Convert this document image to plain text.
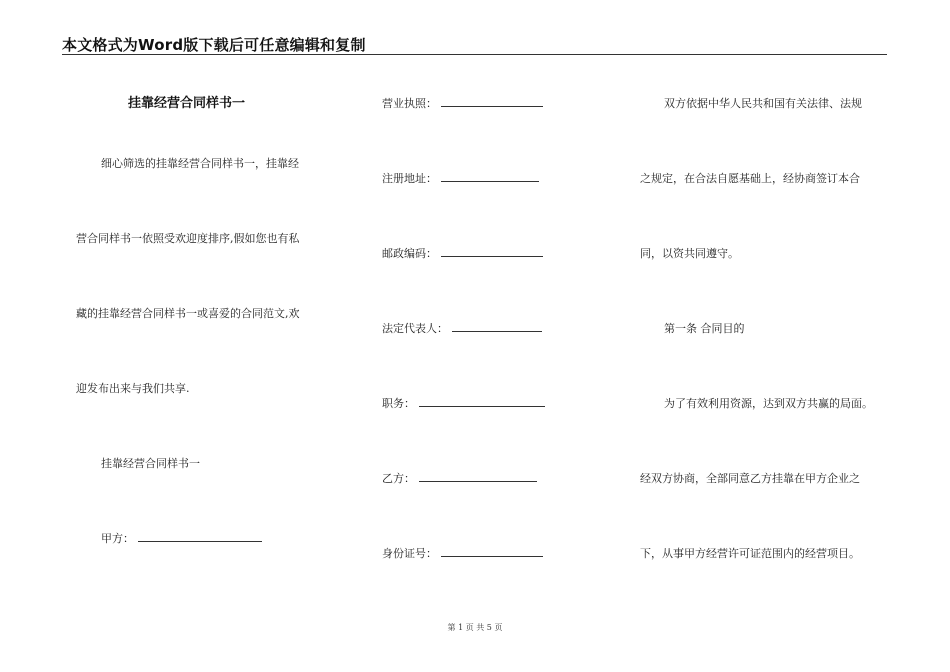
本文格式为Word版下载后可任意编辑和复制
挂靠经营合同样书一
细心筛选的挂靠经营合同样书一，挂靠经
营合同样书一依照受欢迎度排序,假如您也有私
藏的挂靠经营合同样书一或喜爱的合同范文,欢
迎发布出来与我们共享.
挂靠经营合同样书一
甲方：
营业执照：
注册地址：
邮政编码：
法定代表人：
职务：
乙方：
身份证号：
双方依据中华人民共和国有关法律、法规
之规定，在合法自愿基础上，经协商签订本合
同，以资共同遵守。
第一条 合同目的
为了有效利用资源，达到双方共赢的局面。
经双方协商，全部同意乙方挂靠在甲方企业之
下，从事甲方经营许可证范围内的经营项目。
第 1 页 共 5 页
